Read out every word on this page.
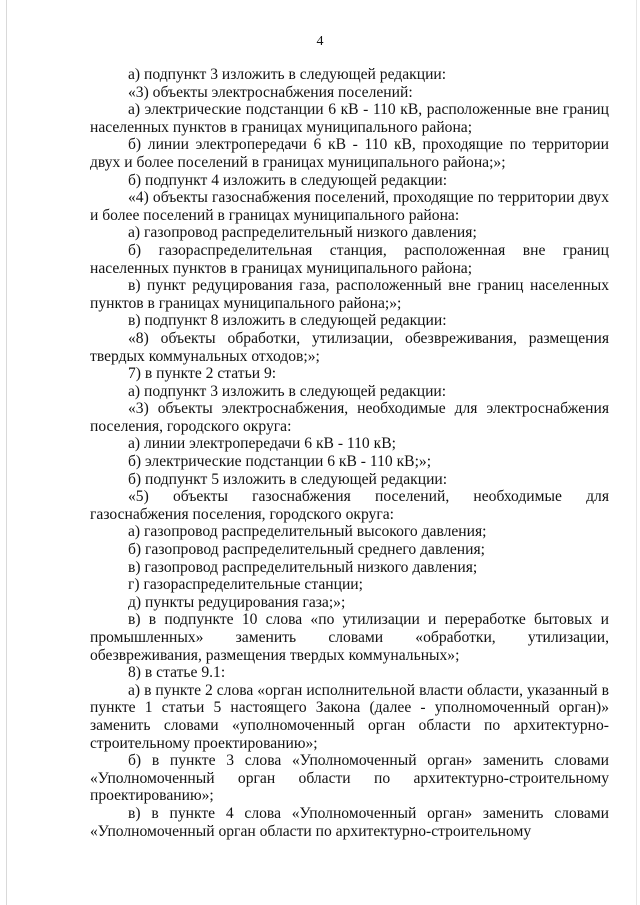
4

а) подпункт 3 изложить в следующей редакции:

«3) объекты электроснабжения поселений:

а) электрические подстанции 6 кВ - 110 кВ, расположенные вне границ населенных пунктов в границах муниципального района;

б) линии электропередачи 6 кВ - 110 кВ, проходящие по территории двух и более поселений в границах муниципального района;»;

б) подпункт 4 изложить в следующей редакции:

«4) объекты газоснабжения поселений, проходящие по территории двух и более поселений в границах муниципального района:

а) газопровод распределительный низкого давления;

б) газораспределительная станция, расположенная вне границ населенных пунктов в границах муниципального района;

в) пункт редуцирования газа, расположенный вне границ населенных пунктов в границах муниципального района;»;

в) подпункт 8 изложить в следующей редакции:

«8) объекты обработки, утилизации, обезвреживания, размещения твердых коммунальных отходов;»;

7) в пункте 2 статьи 9:

а) подпункт 3 изложить в следующей редакции:

«3) объекты электроснабжения, необходимые для электроснабжения поселения, городского округа:

а) линии электропередачи 6 кВ - 110 кВ;

б) электрические подстанции 6 кВ - 110 кВ;»;

б) подпункт 5 изложить в следующей редакции:

«5) объекты газоснабжения поселений, необходимые для газоснабжения поселения, городского округа:

а) газопровод распределительный высокого давления;

б) газопровод распределительный среднего давления;

в) газопровод распределительный низкого давления;

г) газораспределительные станции;

д) пункты редуцирования газа;»;

в) в подпункте 10 слова «по утилизации и переработке бытовых и промышленных» заменить словами «обработки, утилизации, обезвреживания, размещения твердых коммунальных»;

8) в статье 9.1:

а) в пункте 2 слова «орган исполнительной власти области, указанный в пункте 1 статьи 5 настоящего Закона (далее - уполномоченный орган)» заменить словами «уполномоченный орган области по архитектурно-строительному проектированию»;

б) в пункте 3 слова «Уполномоченный орган» заменить словами «Уполномоченный орган области по архитектурно-строительному проектированию»;

в) в пункте 4 слова «Уполномоченный орган» заменить словами «Уполномоченный орган области по архитектурно-строительному
